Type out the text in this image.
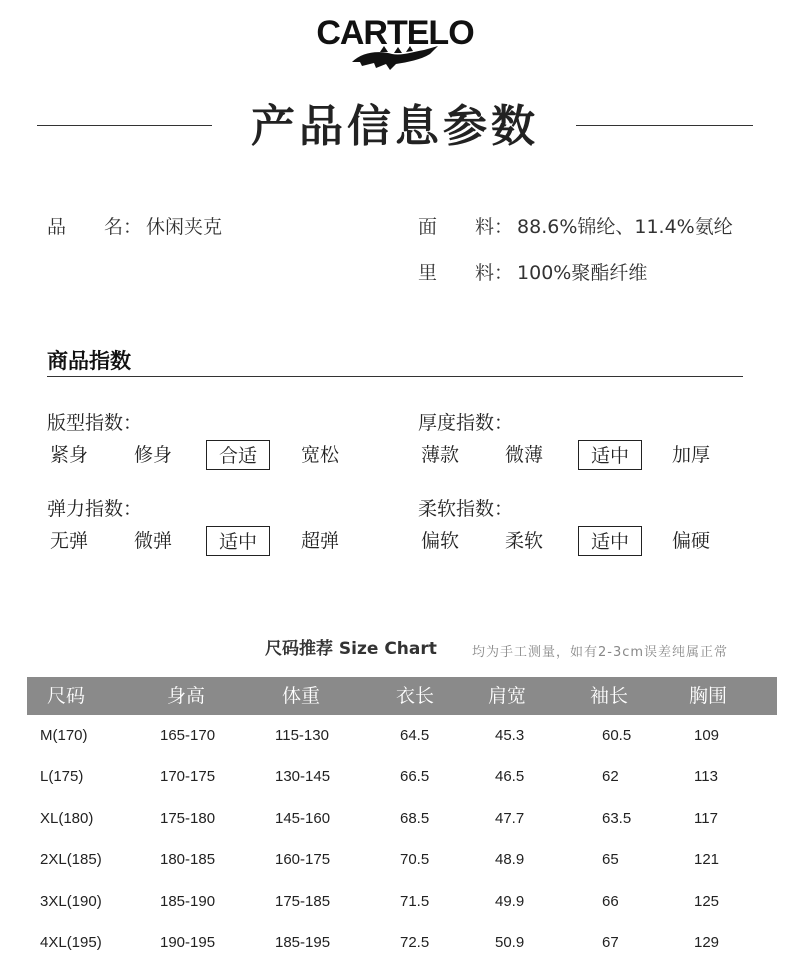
CARTELO
产品信息参数
品　　名： 休闲夹克	面　　料： 88.6%锦纶、11.4%氨纶
里　　料： 100%聚酯纤维
商品指数
版型指数：
紧身 修身	合适	宽松
厚度指数：
薄款 微薄	适中	加厚
弹力指数：
无弹 微弹	适中	超弹
柔软指数：
偏软 柔软	适中	偏硬
尺码推荐 Size Chart	均为手工测量，如有2-3cm误差纯属正常
尺码	身高	体重	衣长	肩宽	袖长	胸围
M(170)	165-170	115-130	64.5	45.3	60.5	109
L(175)	170-175	130-145	66.5	46.5	62	113
XL(180)	175-180	145-160	68.5	47.7	63.5	117
2XL(185)	180-185	160-175	70.5	48.9	65	121
3XL(190)	185-190	175-185	71.5	49.9	66	125
4XL(195)	190-195	185-195	72.5	50.9	67	129
